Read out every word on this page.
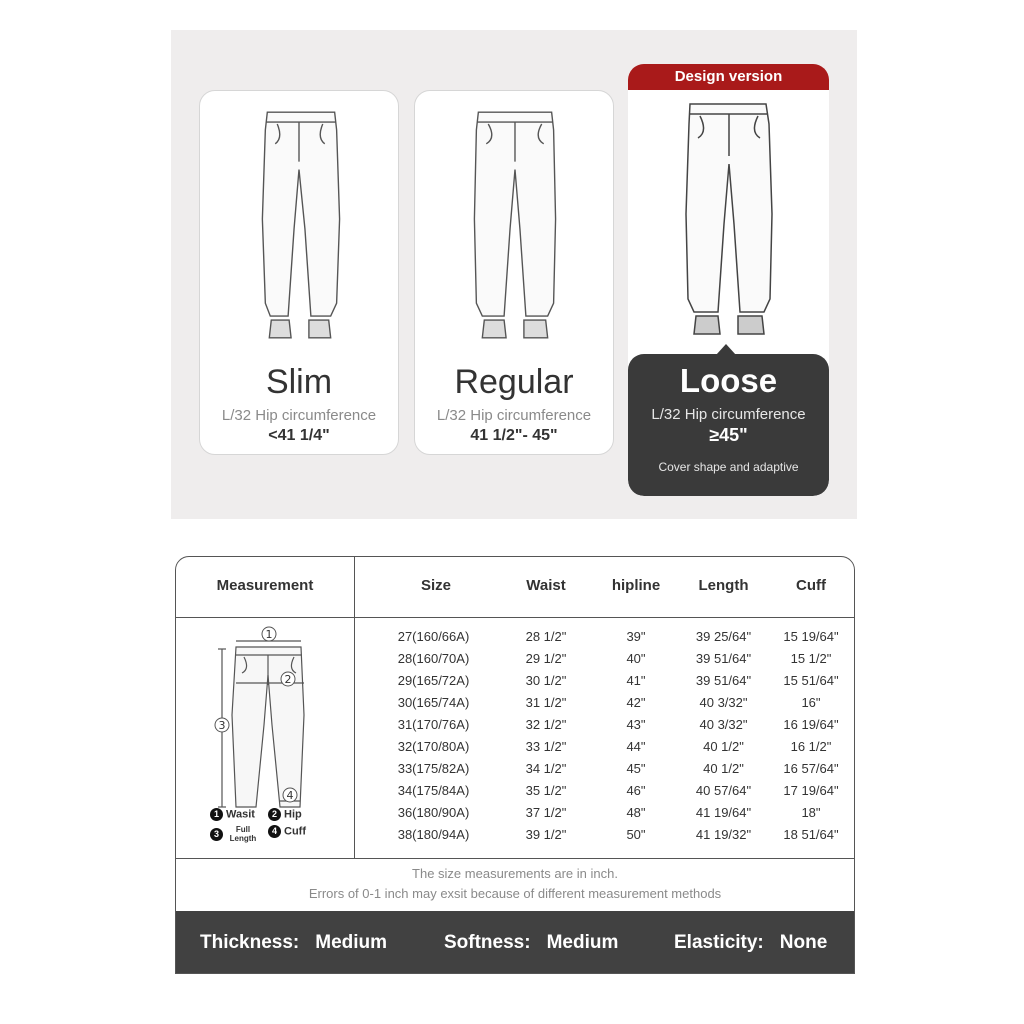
Slim
L/32 Hip circumference
<41 1/4"
Regular
L/32 Hip circumference
41 1/2"- 45"
Design version
Loose
L/32 Hip circumference
≥45"
Cover shape and adaptive
Measurement	Size	Waist	hipline	Length	Cuff
1
2
3
4
1 Wasit	2 Hip
3 Full Length
4 Cuff
27(160/66A)	28 1/2"	39"	39 25/64"	15 19/64"
28(160/70A)	29 1/2"	40"	39 51/64"	15 1/2"
29(165/72A)	30 1/2"	41"	39 51/64"	15 51/64"
30(165/74A)	31 1/2"	42"	40 3/32"	16"
31(170/76A)	32 1/2"	43"	40 3/32"	16 19/64"
32(170/80A)	33 1/2"	44"	40 1/2"	16 1/2"
33(175/82A)	34 1/2"	45"	40 1/2"	16 57/64"
34(175/84A)	35 1/2"	46"	40 57/64"	17 19/64"
36(180/90A)	37 1/2"	48"	41 19/64"	18"
38(180/94A)	39 1/2"	50"	41 19/32"	18 51/64"
The size measurements are in inch.
Errors of 0-1 inch may exsit because of different measurement methods
Thickness: Medium	Softness: Medium	Elasticity: None
